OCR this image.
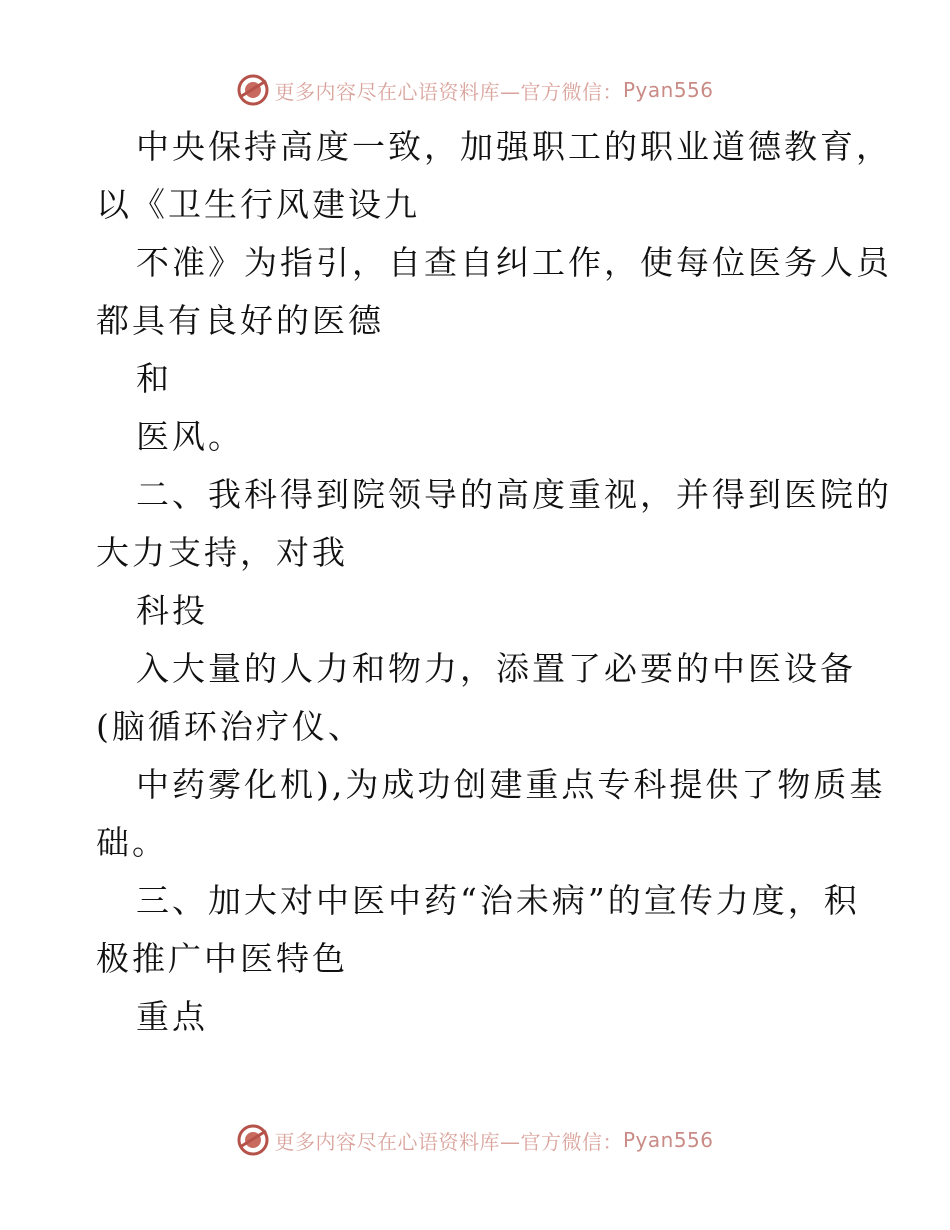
更多内容尽在心语资料库—官方微信： Pyan556
中央保持高度一致，加强职工的职业道德教育，
以《卫生行风建设九
不准》为指引，自查自纠工作，使每位医务人员
都具有良好的医德
和
医风。
二、我科得到院领导的高度重视，并得到医院的
大力支持，对我
科投
入大量的人力和物力，添置了必要的中医设备
(脑循环治疗仪、
中药雾化机),为成功创建重点专科提供了物质基
础。
三、加大对中医中药“治未病”的宣传力度，积
极推广中医特色
重点
更多内容尽在心语资料库—官方微信： Pyan556
